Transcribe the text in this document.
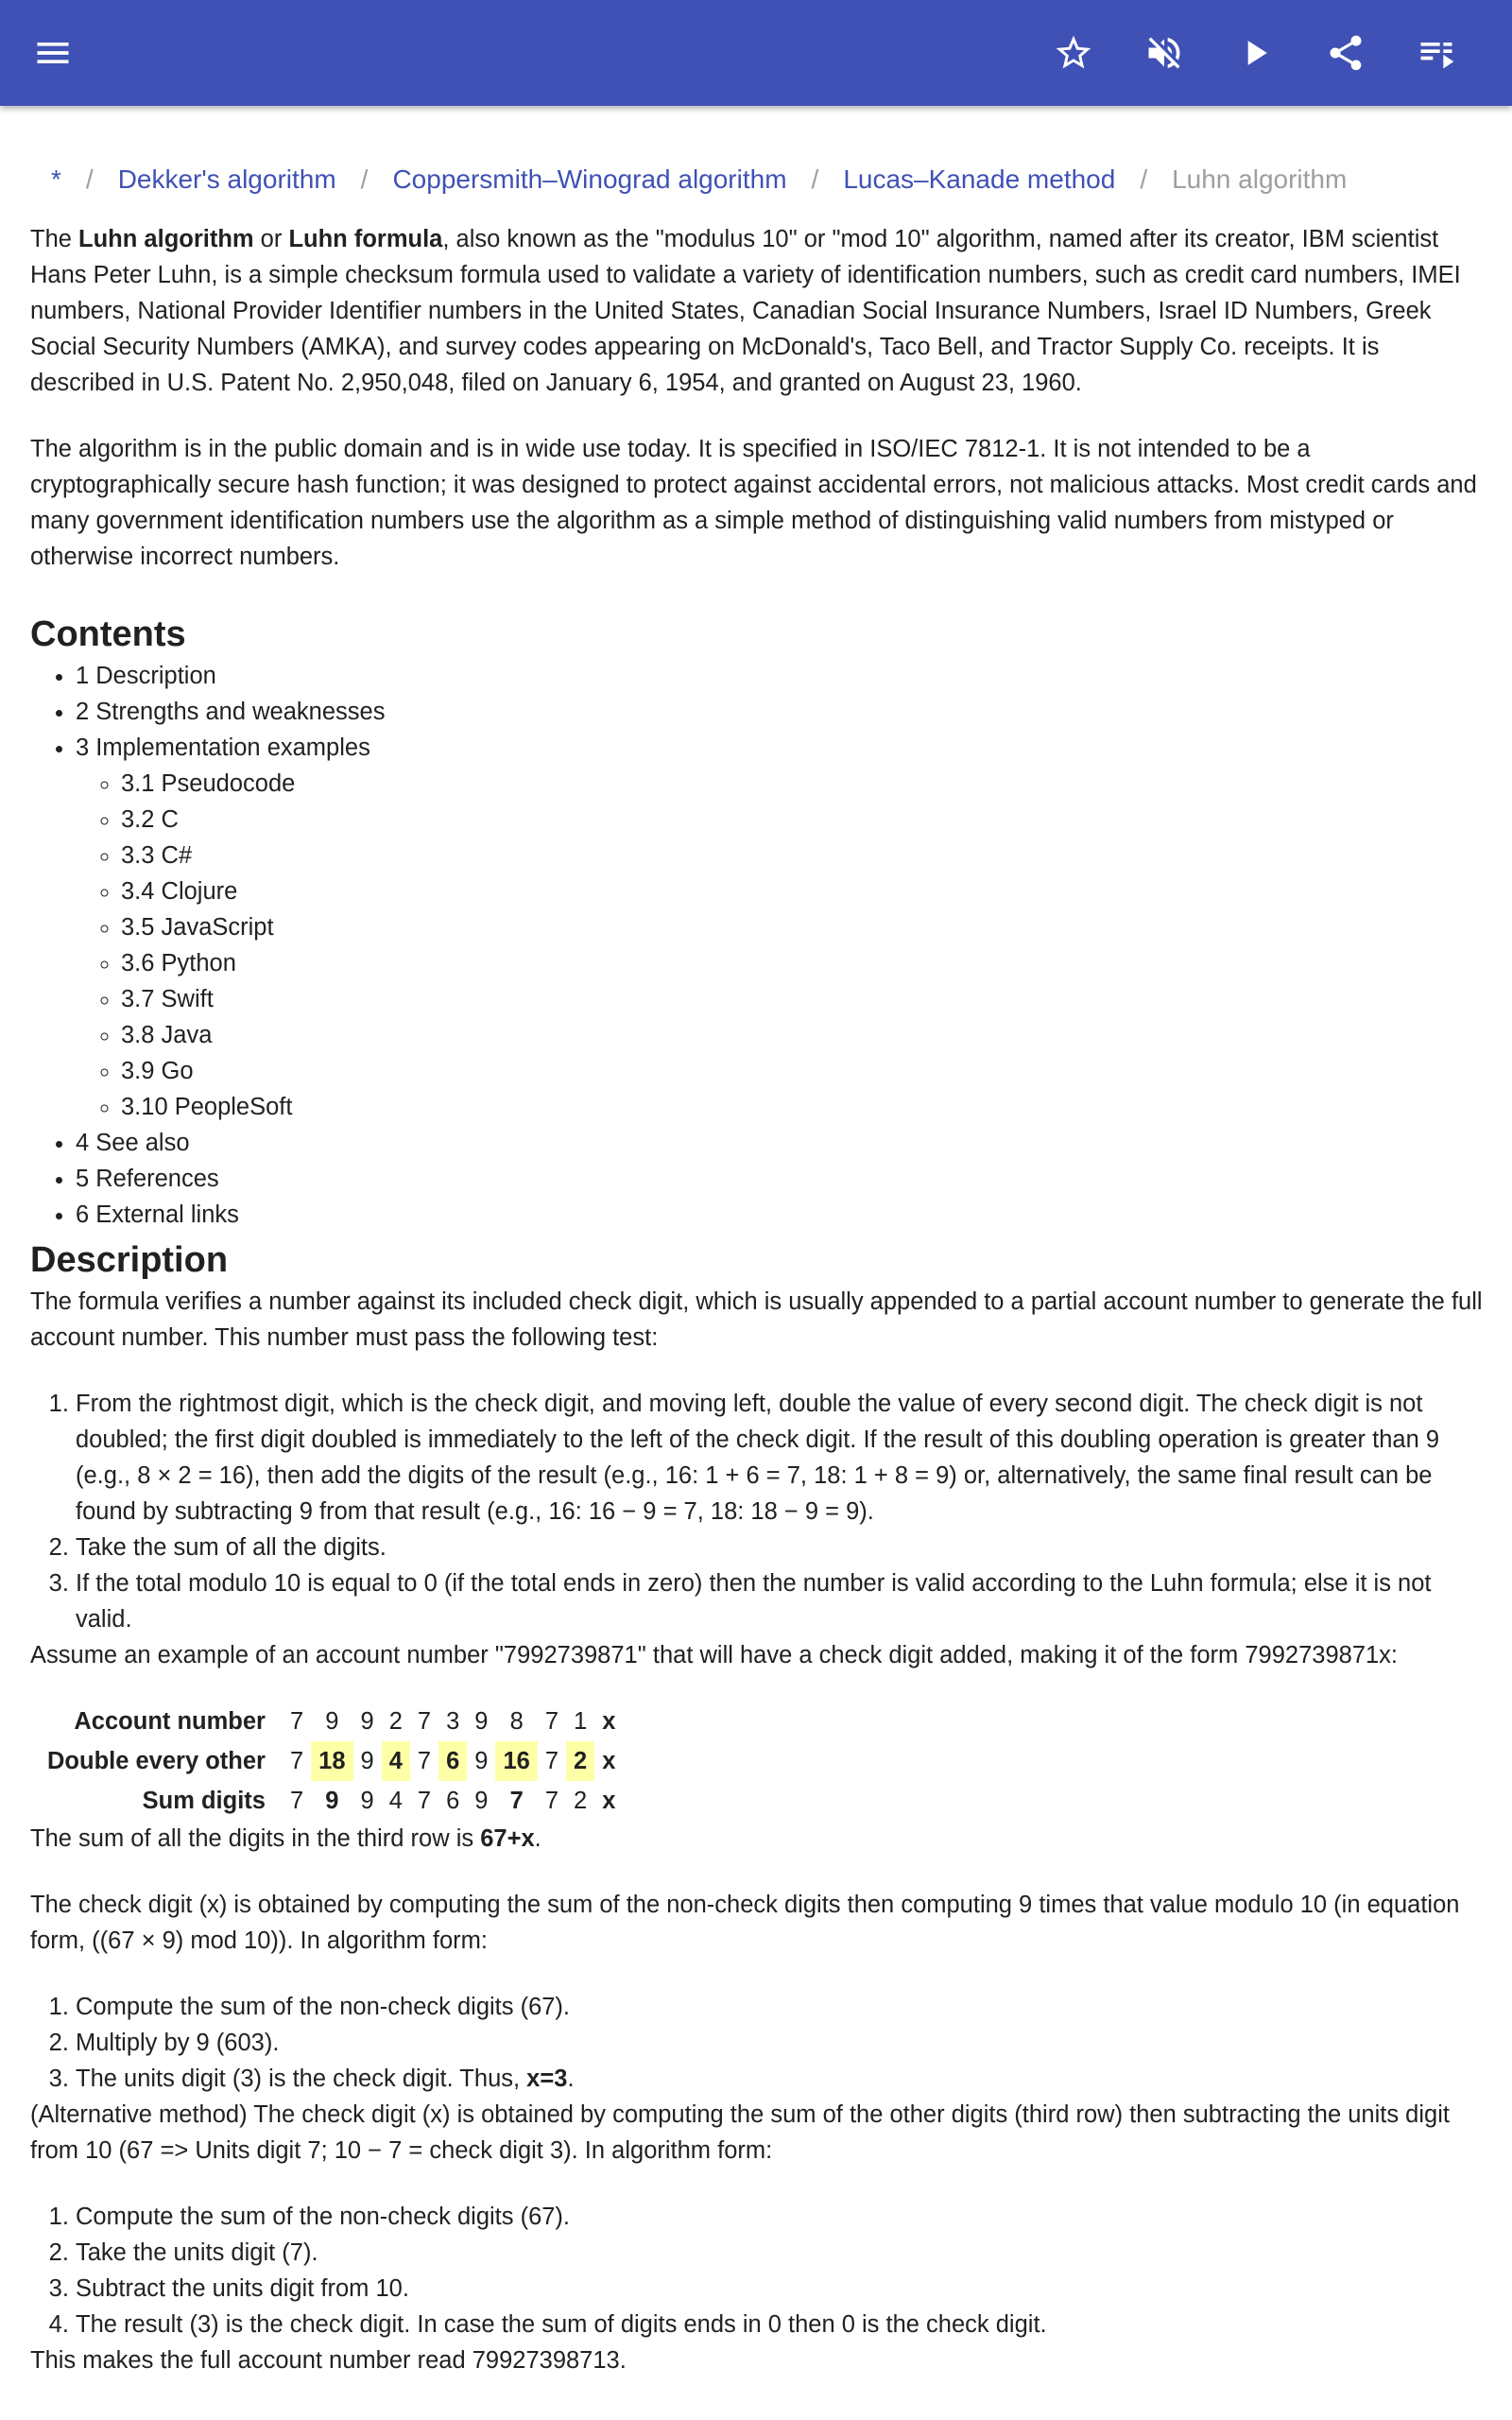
* / Dekker's algorithm / Coppersmith–Winograd algorithm / Lucas–Kanade method / Luhn algorithm

The Luhn algorithm or Luhn formula, also known as the "modulus 10" or "mod 10" algorithm, named after its creator, IBM scientist Hans Peter Luhn, is a simple checksum formula used to validate a variety of identification numbers, such as credit card numbers, IMEI numbers, National Provider Identifier numbers in the United States, Canadian Social Insurance Numbers, Israel ID Numbers, Greek Social Security Numbers (AMKA), and survey codes appearing on McDonald's, Taco Bell, and Tractor Supply Co. receipts. It is described in U.S. Patent No. 2,950,048, filed on January 6, 1954, and granted on August 23, 1960.

The algorithm is in the public domain and is in wide use today. It is specified in ISO/IEC 7812-1. It is not intended to be a cryptographically secure hash function; it was designed to protect against accidental errors, not malicious attacks. Most credit cards and many government identification numbers use the algorithm as a simple method of distinguishing valid numbers from mistyped or otherwise incorrect numbers.

Contents
• 1 Description
• 2 Strengths and weaknesses
• 3 Implementation examples
◦ 3.1 Pseudocode
◦ 3.2 C
◦ 3.3 C#
◦ 3.4 Clojure
◦ 3.5 JavaScript
◦ 3.6 Python
◦ 3.7 Swift
◦ 3.8 Java
◦ 3.9 Go
◦ 3.10 PeopleSoft
• 4 See also
• 5 References
• 6 External links
Description

The formula verifies a number against its included check digit, which is usually appended to a partial account number to generate the full account number. This number must pass the following test:

1. From the rightmost digit, which is the check digit, and moving left, double the value of every second digit. The check digit is not doubled; the first digit doubled is immediately to the left of the check digit. If the result of this doubling operation is greater than 9 (e.g., 8 × 2 = 16), then add the digits of the result (e.g., 16: 1 + 6 = 7, 18: 1 + 8 = 9) or, alternatively, the same final result can be found by subtracting 9 from that result (e.g., 16: 16 − 9 = 7, 18: 18 − 9 = 9).
2. Take the sum of all the digits.
3. If the total modulo 10 is equal to 0 (if the total ends in zero) then the number is valid according to the Luhn formula; else it is not valid.

Assume an example of an account number "7992739871" that will have a check digit added, making it of the form 7992739871x:

Account number	7	9	9	2	7	3	9	8	7	1	x
Double every other	7	18	9	4	7	6	9	16	7	2	x
Sum digits	7	9	9	4	7	6	9	7	7	2	x

The sum of all the digits in the third row is 67+x.

The check digit (x) is obtained by computing the sum of the non-check digits then computing 9 times that value modulo 10 (in equation form, ((67 × 9) mod 10)). In algorithm form:

1. Compute the sum of the non-check digits (67).
2. Multiply by 9 (603).
3. The units digit (3) is the check digit. Thus, x=3.

(Alternative method) The check digit (x) is obtained by computing the sum of the other digits (third row) then subtracting the units digit from 10 (67 => Units digit 7; 10 − 7 = check digit 3). In algorithm form:

1. Compute the sum of the non-check digits (67).
2. Take the units digit (7).
3. Subtract the units digit from 10.
4. The result (3) is the check digit. In case the sum of digits ends in 0 then 0 is the check digit.

This makes the full account number read 79927398713.
